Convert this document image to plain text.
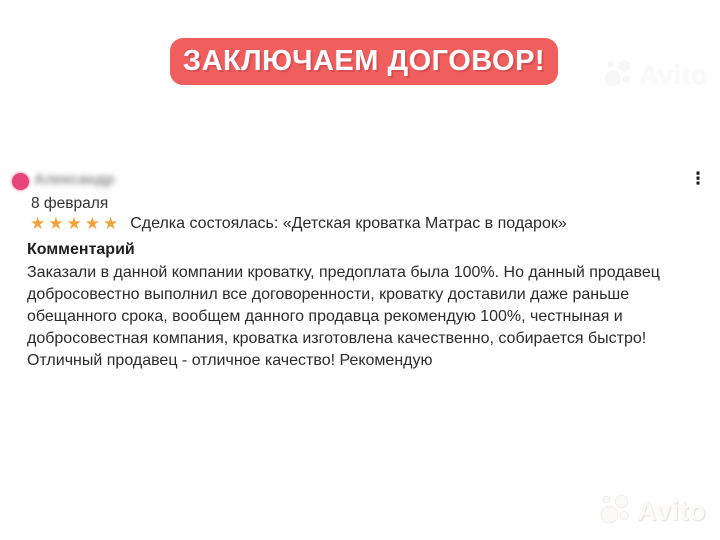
ЗАКЛЮЧАЕМ ДОГОВОР!	Avito
Александр	⋮
8 февраля
★★★★★ Сделка состоялась: «Детская кроватка Матрас в подарок»
Комментарий
Заказали в данной компании кроватку, предоплата была 100%. Но данный продавец добросовестно выполнил все договоренности, кроватку доставили даже раньше обещанного срока, вообщем данного продавца рекомендую 100%, честныная и добросовестная компания, кроватка изготовлена качественно, собирается быстро! Отличный продавец - отличное качество! Рекомендую
Avito
